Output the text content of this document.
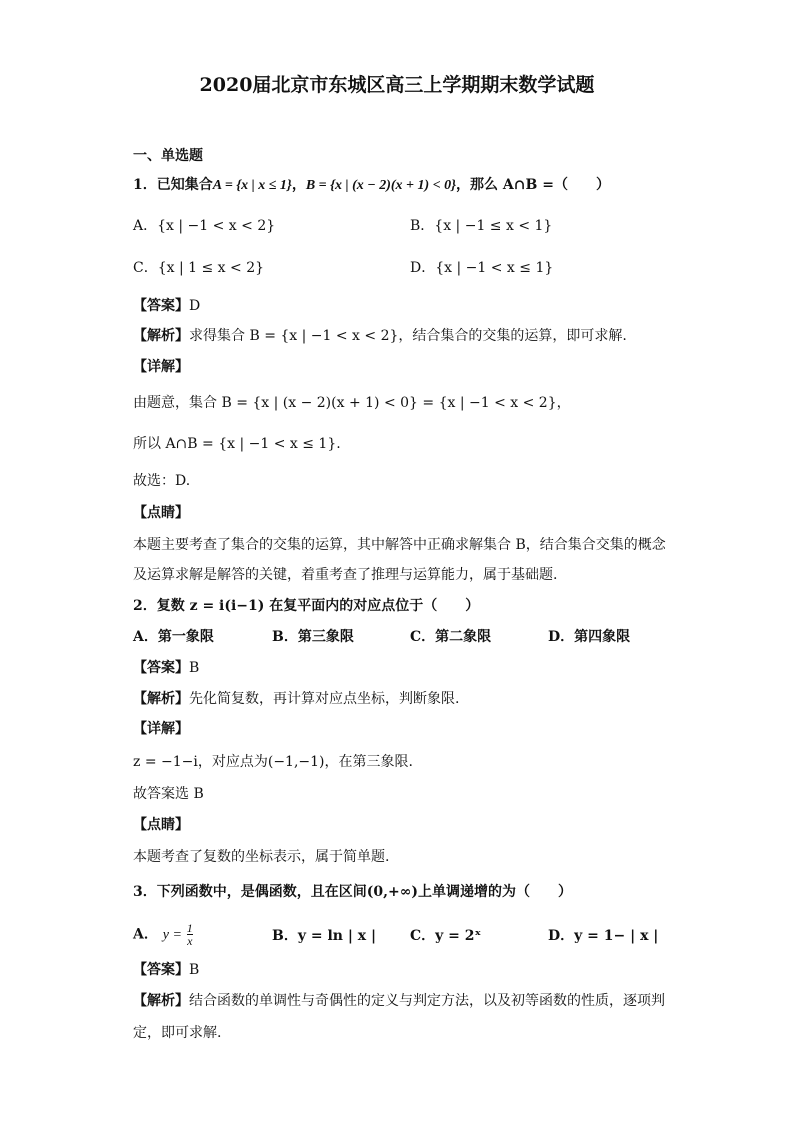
2020届北京市东城区高三上学期期末数学试题
一、单选题
1．已知集合A = {x | x ≤ 1}，B = {x | (x − 2)(x + 1) < 0}，那么 A∩B =（　　）
A．{x | −1 < x < 2}	B．{x | −1 ≤ x < 1}
C．{x | 1 ≤ x < 2}	D．{x | −1 < x ≤ 1}
【答案】D
【解析】求得集合 B = {x | −1 < x < 2}，结合集合的交集的运算，即可求解.
【详解】
由题意，集合 B = {x | (x − 2)(x + 1) < 0} = {x | −1 < x < 2}，
所以 A∩B = {x | −1 < x ≤ 1}.
故选：D.
【点睛】
本题主要考查了集合的交集的运算，其中解答中正确求解集合 B，结合集合交集的概念
及运算求解是解答的关键，着重考查了推理与运算能力，属于基础题.
2．复数 z = i(i−1) 在复平面内的对应点位于（　　）
A．第一象限	B．第三象限	C．第二象限	D．第四象限
【答案】B
【解析】先化简复数，再计算对应点坐标，判断象限.
【详解】
z = −1−i，对应点为(−1,−1)，在第三象限.
故答案选 B
【点睛】
本题考查了复数的坐标表示，属于简单题.
3．下列函数中，是偶函数，且在区间(0,+∞)上单调递增的为（　　）
A． $y = \frac{1}{x}$	B．y = ln | x | C．y = 2ˣ	D．y = 1− | x |
【答案】B
【解析】结合函数的单调性与奇偶性的定义与判定方法，以及初等函数的性质，逐项判
定，即可求解.
